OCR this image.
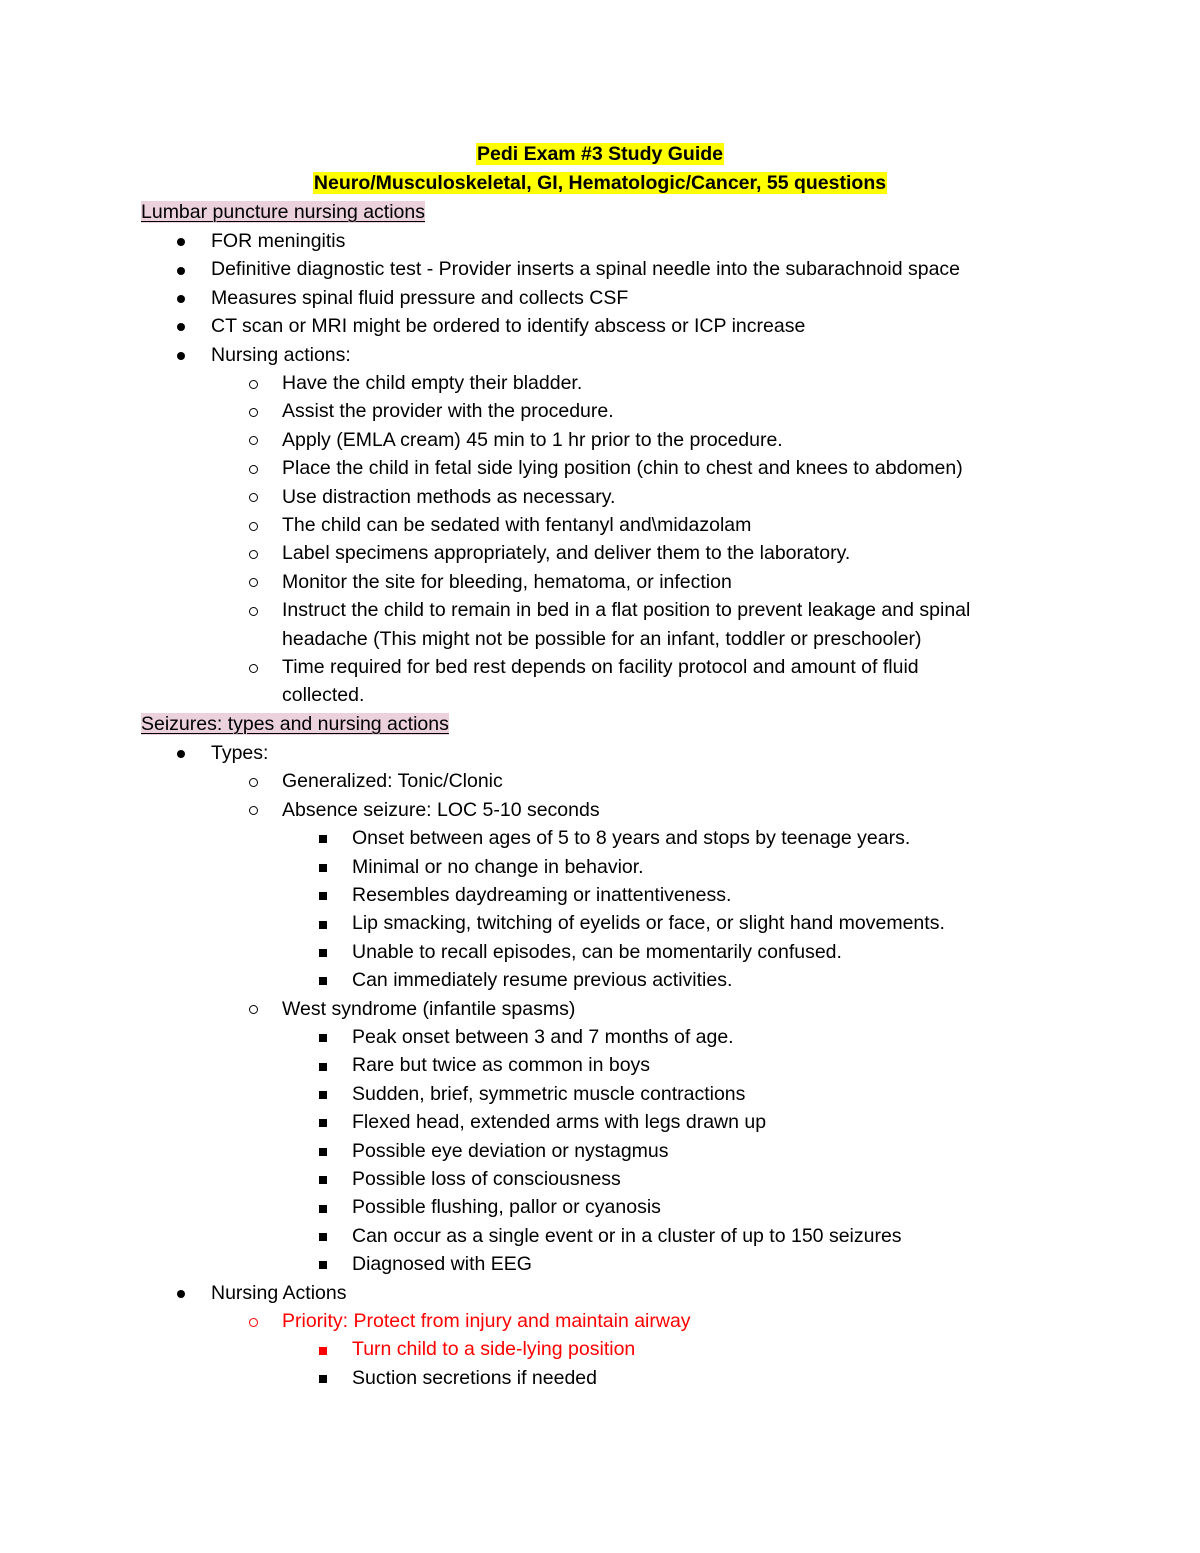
Pedi Exam #3 Study Guide
Neuro/Musculoskeletal, GI, Hematologic/Cancer, 55 questions
Lumbar puncture nursing actions
FOR meningitis
Definitive diagnostic test - Provider inserts a spinal needle into the subarachnoid space
Measures spinal fluid pressure and collects CSF
CT scan or MRI might be ordered to identify abscess or ICP increase
Nursing actions:
Have the child empty their bladder.
Assist the provider with the procedure.
Apply (EMLA cream) 45 min to 1 hr prior to the procedure.
Place the child in fetal side lying position (chin to chest and knees to abdomen)
Use distraction methods as necessary.
The child can be sedated with fentanyl and\midazolam
Label specimens appropriately, and deliver them to the laboratory.
Monitor the site for bleeding, hematoma, or infection
Instruct the child to remain in bed in a flat position to prevent leakage and spinal
headache (This might not be possible for an infant, toddler or preschooler)
Time required for bed rest depends on facility protocol and amount of fluid
collected.
Seizures: types and nursing actions
Types:
Generalized: Tonic/Clonic
Absence seizure: LOC 5-10 seconds
Onset between ages of 5 to 8 years and stops by teenage years.
Minimal or no change in behavior.
Resembles daydreaming or inattentiveness.
Lip smacking, twitching of eyelids or face, or slight hand movements.
Unable to recall episodes, can be momentarily confused.
Can immediately resume previous activities.
West syndrome (infantile spasms)
Peak onset between 3 and 7 months of age.
Rare but twice as common in boys
Sudden, brief, symmetric muscle contractions
Flexed head, extended arms with legs drawn up
Possible eye deviation or nystagmus
Possible loss of consciousness
Possible flushing, pallor or cyanosis
Can occur as a single event or in a cluster of up to 150 seizures
Diagnosed with EEG
Nursing Actions
Priority: Protect from injury and maintain airway
Turn child to a side-lying position
Suction secretions if needed
